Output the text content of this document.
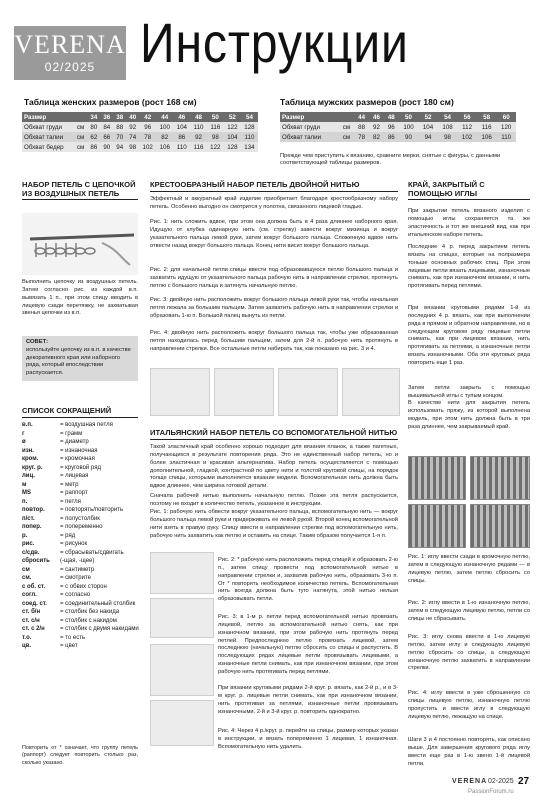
VERENA
02/2025 Инструкции
Таблица женских размеров (рост 168 см)
Размер		34	36	38	40	42	44	46	48	50	52	54
Обхват груди	см	80	84	88	92	96	100	104	110	116	122	128
Обхват талии	см	62	66	70	74	78	82	86	92	98	104	110
Обхват бедер	см	86	90	94	98	102	106	110	116	122	128	134
Таблица мужских размеров (рост 180 см)
Размер		44	46	48	50	52	54	56	58	60
Обхват груди	см	88	92	96	100	104	108	112	116	120
Обхват талии	см	78	82	86	90	94	98	102	106	110
Прежде чем приступить к вязанию, сравните мерки, снятые с фигуры, с данными соответствующей таблицы размеров.
НАБОР ПЕТЕЛЬ С ЦЕПОЧКОЙ ИЗ ВОЗДУШНЫХ ПЕТЕЛЬ
Выполнить цепочку из воздушных петель. Затем согласно рис. из каждой в.п. вывязать 1 п., при этом спицу вводить в лицевую сзади перетяжку, не захватывая звенья цепочки из в.п.
СОВЕТ:
используйте цепочку из в.п. в качестве декоративного края или наборного ряда, который впоследствии распускается.
СПИСОК СОКРАЩЕНИЙ
в.п.	= воздушная петля
г	= грамм
ø	= диаметр
изн.	= изнаночная
кром.	= кромочная
круг. р.	= круговой ряд
лиц.	= лицевая
м	= метр
MS	= раппорт
п.	= петля
повтор.	= повторять/повторить
п/ст.	= полустолбик
попер.	= попеременно
р.	= ряд
рис.	= рисунок
с/сдв.	= сбрасывать/сдвигать
сбросить (-щая, -щее)
см	= сантиметр
см.	= смотрите
с об. ст. = с обвих сторон
согл.	= согласно
соед. ст. = соединительный столбик
ст. б/н	= столбик без накида
ст. с/н	= столбик с накидом
ст. с 2/н	= столбик с двумя накидами
т.о.	= то есть
цв.	= цвет
Повторить от * означает, что группу петель (раппорт) следует повторить столько раз, сколько указано.
КРЕСТООБРАЗНЫЙ НАБОР ПЕТЕЛЬ ДВОЙНОЙ НИТЬЮ
Эффектный и аккуратный край изделие приобретает благодаря крестообразному набору петель. Особенно выгодно он смотрится у полотна, связанного лицевой гладью.
Рис. 1: нить сложить вдвое, при этом она должна быть в 4 раза длиннее наборного края. Идущую от клубка одинарную нить (см. стрелку) завести вокруг мизинца и вокруг указательного пальца левой руки, затем вокруг большого пальца. Сложенную вдвое нить отвести назад вокруг большого пальца. Конец нити висит вокруг большого пальца.
Рис. 2: для начальной петли спицы ввести под образовавшуюся петлю большого пальца и захватить идущую от указательного пальца рабочую нить в направлении стрелки, протянуть петлю с большого пальца и затянуть начальную петлю.
Рис. 3: двойную нить расположить вокруг большого пальца левой руки так, чтобы начальная петля лежала за большим пальцем. Затем захватить рабочую нить в направлении стрелки и образовать 1-ю п. Большой палец вынуть из петли.
Рис. 4: двойную нить расположить вокруг большого пальца так, чтобы уже образованная петля находилась перед большим пальцем, затем для 2-й п. рабочую нить протянуть в направлении стрелки. Все остальные петли набирать так, как показано на рис. 3 и 4.
ИТАЛЬЯНСКИЙ НАБОР ПЕТЕЛЬ СО ВСПОМОГАТЕЛЬНОЙ НИТЬЮ
Такой эластичный край особенно хорошо подходит для вязания планок, а также пагетных, получающихся в результате повторения ряда. Это не единственный набор петель, но и более эластичная и красивая альтернатива. Набор петель осуществляется с помощью дополнительной, гладкой, контрастной по цвету нити и толстой круговой спицы, на порядок толще спицы, которыми выполняется вязание модели. Вспомогательная нить должна быть вдвое длиннее, чем ширина готовой детали.
Сначала рабочей нитью выполнить начальную петлю. Позже эта петля распускается, поэтому не входит в количество петель, указанное в инструкции.
Рис. 1: рабочую нить обвести вокруг указательного пальца, вспомогательную нить — вокруг большого пальца левой руки и придерживать ее левой рукой. Второй конец вспомогательной нити взять в правую руку. Спицу ввести в направлении стрелки под вспомогательную нить, рабочую нить захватить как петлю и оставить на спице. Таким образом получается 1-я п.
Рис. 2: * рабочую нить расположить перед спицей и образовать 2-ю п., затем спицу провести под вспомогательной нитью в направлении стрелки и, захватив рабочую нить, образовать 3-ю п. От * повторять необходимое количество петель. Вспомогательная нить всегда должна быть туго натянута, этой нитью нельзя образовывать петли.
Рис. 3: в 1-м р. петли перед вспомогательной нитью провязать лицевой, петлю за вспомогательной нитью снять, как при изнаночном вязании, при этом рабочую нить протянуть перед петлей. Предпоследнюю петлю провязать лицевой, затем последнюю (начальную) петлю сбросить со спицы и распустить. В последующих рядах лицевые петли провязывать лицевыми, а изнаночные петли снимать, как при изнаночном вязании, при этом рабочую нить протягивать перед петлями.
При вязании круговыми рядами 2-й круг. р. вязать, как 2-й р., и в 3-м круг. р. лицевые петли снимать, как при изнаночном вязании, нить протягивая за петлями, изнаночные петли провязывать изнаночными. 2-й и 3-й круг. р. повторить однократно.
Рис. 4: Через 4 р./круг. р. перейти на спицы, размер которых указан в инструкции, и вязать попеременно 1 лицевая, 1 изнаночная. Вспомогательную нить удалить.
КРАЙ, ЗАКРЫТЫЙ С ПОМОЩЬЮ ИГЛЫ
При закрытии петель вязаного изделия с помощью иглы сохраняется та же эластичность и тот же внешний вид, как при итальянском наборе петель.
Последние 4 р. перед закрытием петель вязать на спицах, которые на полразмера тоньше основных рабочих спиц. При этом лицевые петли вязать лицевыми, изнаночные снимать, как при изнаночном вязании, и нить протягивать перед петлями.
При вязании круговыми рядами 1-й из последних 4 р. вязать, как при выполнении ряда в прямом и обратном направлении, но в следующем круговом ряду лицевые петли снимать, как при лицевом вязании, нить протягивать за петлями, а изнаночные петли вязать изнаночными. Оба эти круговых ряда повторить еще 1 раз.
Затем петли закрыть с помощью вышивальной иглы с тупым концом.
В качестве нити для закрытия петель использовать пряжу, из которой выполнена модель, при этом нить должна быть в три раза длиннее, чем закрываемый край.
Рис. 1: иглу ввести сзади в кромочную петлю, затем в следующую изнаночную рядами — в лицевую петлю, затем петлю сбросить со спицы.
Рис. 2: иглу ввести в 1-ю изнаночную петлю, затем в следующую лицевую петлю, петли со спицы не сбрасывать.
Рис. 3: иглу снова ввести в 1-ю лицевую петлю, затем иглу и следующую лицевую петлю сбросить со спицы, а следующую изнаночную петлю захватить в направлении стрелки.
Рис. 4: иглу ввести в уже сброшенную со спицы лицевую петлю, изнаночную петлю пропустить и ввести иглу в следующую лицевую петлю, лежащую на спице.
Шаги 3 и 4 постоянно повторять, как описано выше. Для завершения кругового ряда иглу ввести еще раз в 1-ю звено 1-й лицевой петли.
VERENA 02-2025 27
PassionForum.ru
